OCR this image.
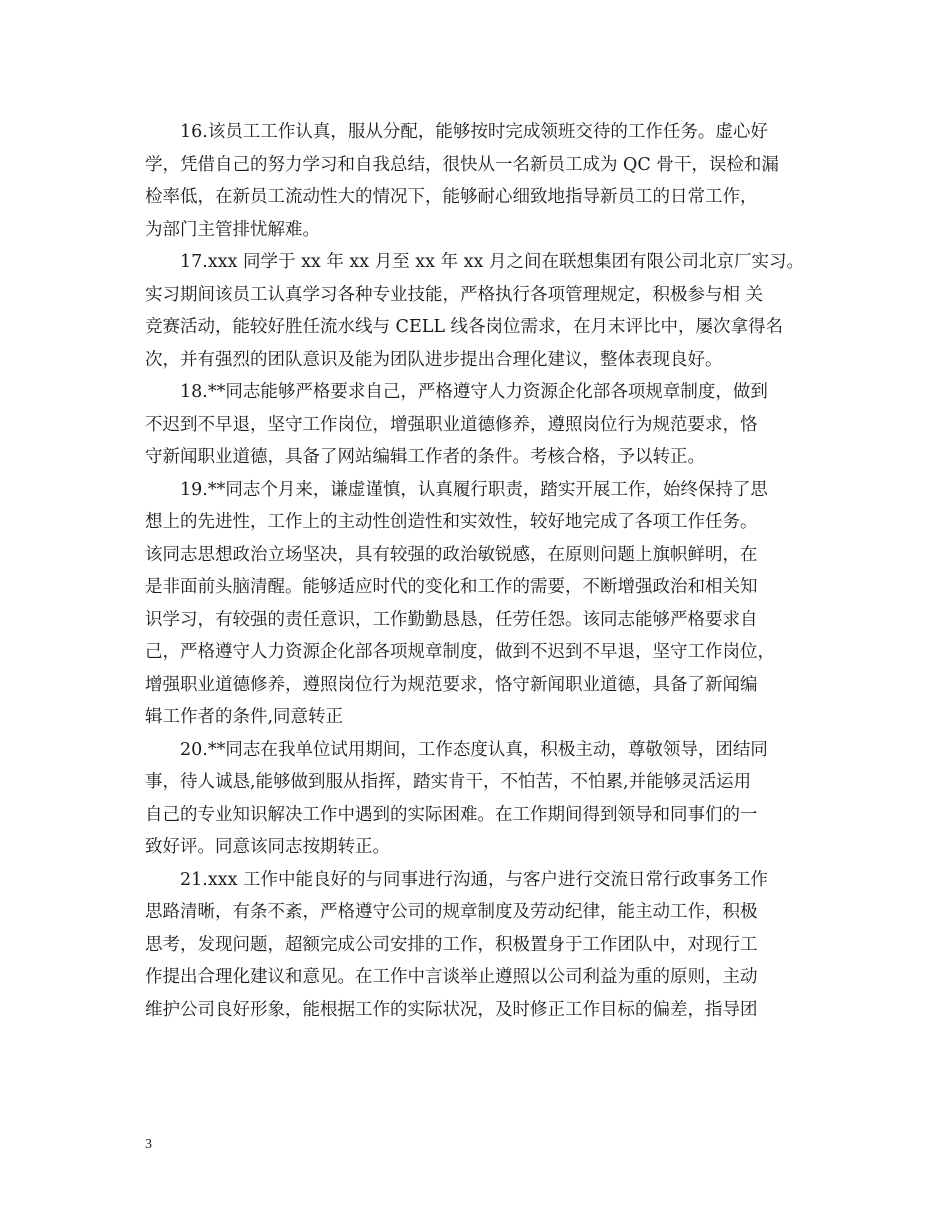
16.该员工工作认真，服从分配，能够按时完成领班交待的工作任务。虚心好
学，凭借自己的努力学习和自我总结，很快从一名新员工成为 QC 骨干，误检和漏
检率低，在新员工流动性大的情况下，能够耐心细致地指导新员工的日常工作，
为部门主管排忧解难。
17.xxx 同学于 xx 年 xx 月至 xx 年 xx 月之间在联想集团有限公司北京厂实习。
实习期间该员工认真学习各种专业技能，严格执行各项管理规定，积极参与相 关
竞赛活动，能较好胜任流水线与 CELL 线各岗位需求，在月末评比中，屡次拿得名
次，并有强烈的团队意识及能为团队进步提出合理化建议，整体表现良好。
18.**同志能够严格要求自己，严格遵守人力资源企化部各项规章制度，做到
不迟到不早退，坚守工作岗位，增强职业道德修养，遵照岗位行为规范要求，恪
守新闻职业道德，具备了网站编辑工作者的条件。考核合格，予以转正。
19.**同志个月来，谦虚谨慎，认真履行职责，踏实开展工作，始终保持了思
想上的先进性，工作上的主动性创造性和实效性，较好地完成了各项工作任务。
该同志思想政治立场坚决，具有较强的政治敏锐感，在原则问题上旗帜鲜明，在
是非面前头脑清醒。能够适应时代的变化和工作的需要，不断增强政治和相关知
识学习，有较强的责任意识，工作勤勤恳恳，任劳任怨。该同志能够严格要求自
己，严格遵守人力资源企化部各项规章制度，做到不迟到不早退，坚守工作岗位，
增强职业道德修养，遵照岗位行为规范要求，恪守新闻职业道德，具备了新闻编
辑工作者的条件,同意转正
20.**同志在我单位试用期间，工作态度认真，积极主动，尊敬领导，团结同
事，待人诚恳,能够做到服从指挥，踏实肯干，不怕苦，不怕累,并能够灵活运用
自己的专业知识解决工作中遇到的实际困难。在工作期间得到领导和同事们的一
致好评。同意该同志按期转正。
21.xxx 工作中能良好的与同事进行沟通，与客户进行交流日常行政事务工作
思路清晰，有条不紊，严格遵守公司的规章制度及劳动纪律，能主动工作，积极
思考，发现问题，超额完成公司安排的工作，积极置身于工作团队中，对现行工
作提出合理化建议和意见。在工作中言谈举止遵照以公司利益为重的原则，主动
维护公司良好形象，能根据工作的实际状况，及时修正工作目标的偏差，指导团
3
